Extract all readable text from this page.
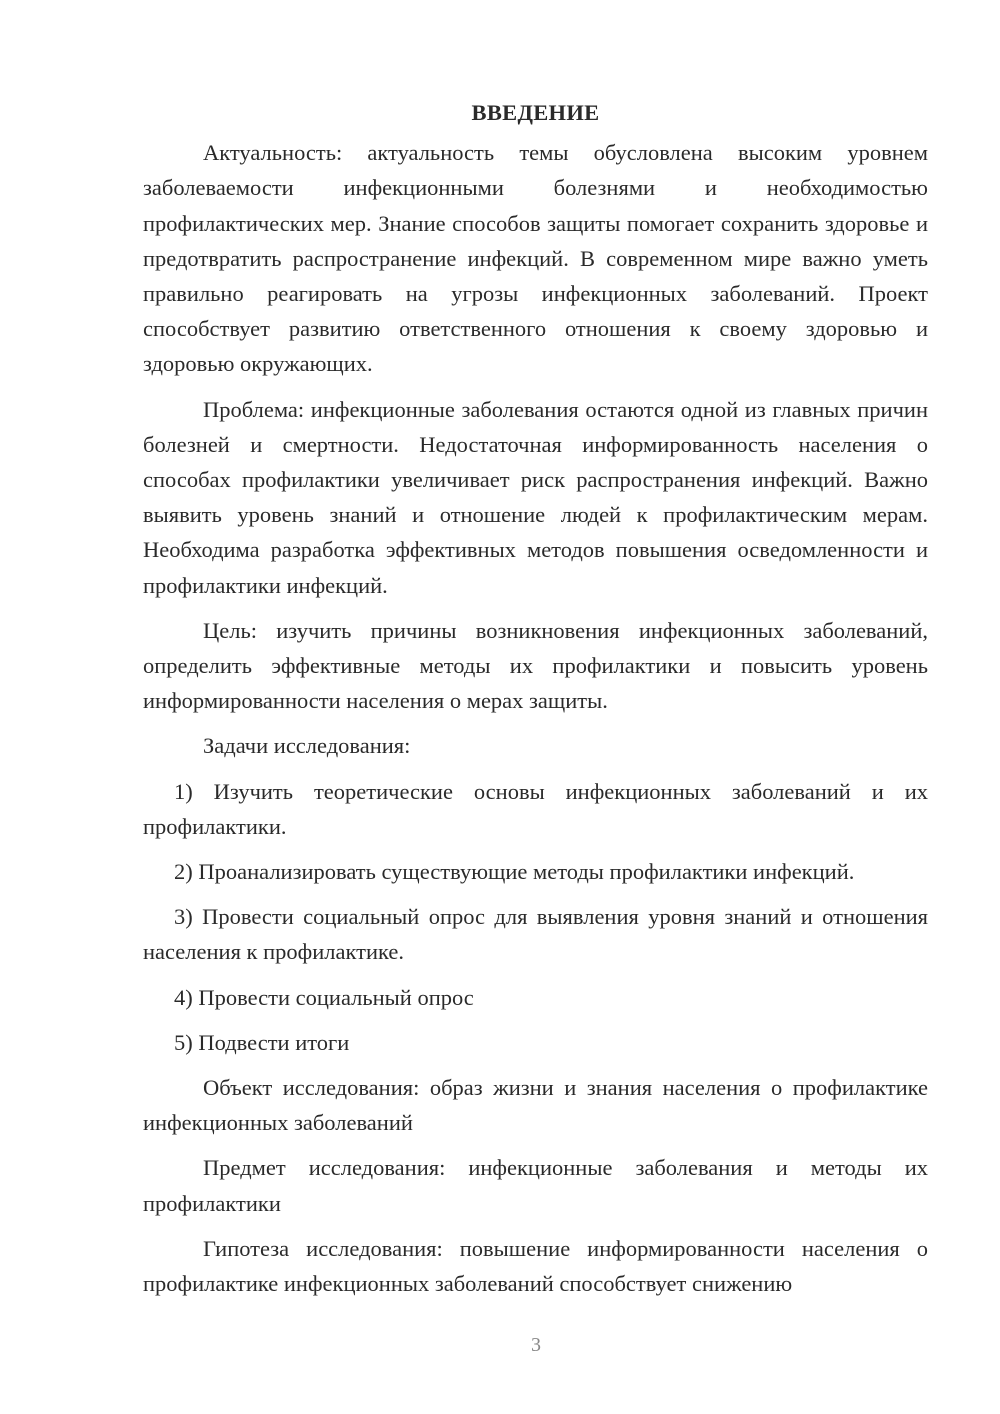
ВВЕДЕНИЕ

Актуальность: актуальность темы обусловлена высоким уровнем заболеваемости инфекционными болезнями и необходимостью профилактических мер. Знание способов защиты помогает сохранить здоровье и предотвратить распространение инфекций. В современном мире важно уметь правильно реагировать на угрозы инфекционных заболеваний. Проект способствует развитию ответственного отношения к своему здоровью и здоровью окружающих.

Проблема: инфекционные заболевания остаются одной из главных причин болезней и смертности. Недостаточная информированность населения о способах профилактики увеличивает риск распространения инфекций. Важно выявить уровень знаний и отношение людей к профилактическим мерам. Необходима разработка эффективных методов повышения осведомленности и профилактики инфекций.

Цель: изучить причины возникновения инфекционных заболеваний, определить эффективные методы их профилактики и повысить уровень информированности населения о мерах защиты.

Задачи исследования:

1) Изучить теоретические основы инфекционных заболеваний и их профилактики.

2) Проанализировать существующие методы профилактики инфекций.

3) Провести социальный опрос для выявления уровня знаний и отношения населения к профилактике.

4) Провести социальный опрос

5) Подвести итоги

Объект исследования: образ жизни и знания населения о профилактике инфекционных заболеваний

Предмет исследования: инфекционные заболевания и методы их профилактики

Гипотеза исследования: повышение информированности населения о профилактике инфекционных заболеваний способствует снижению

3
